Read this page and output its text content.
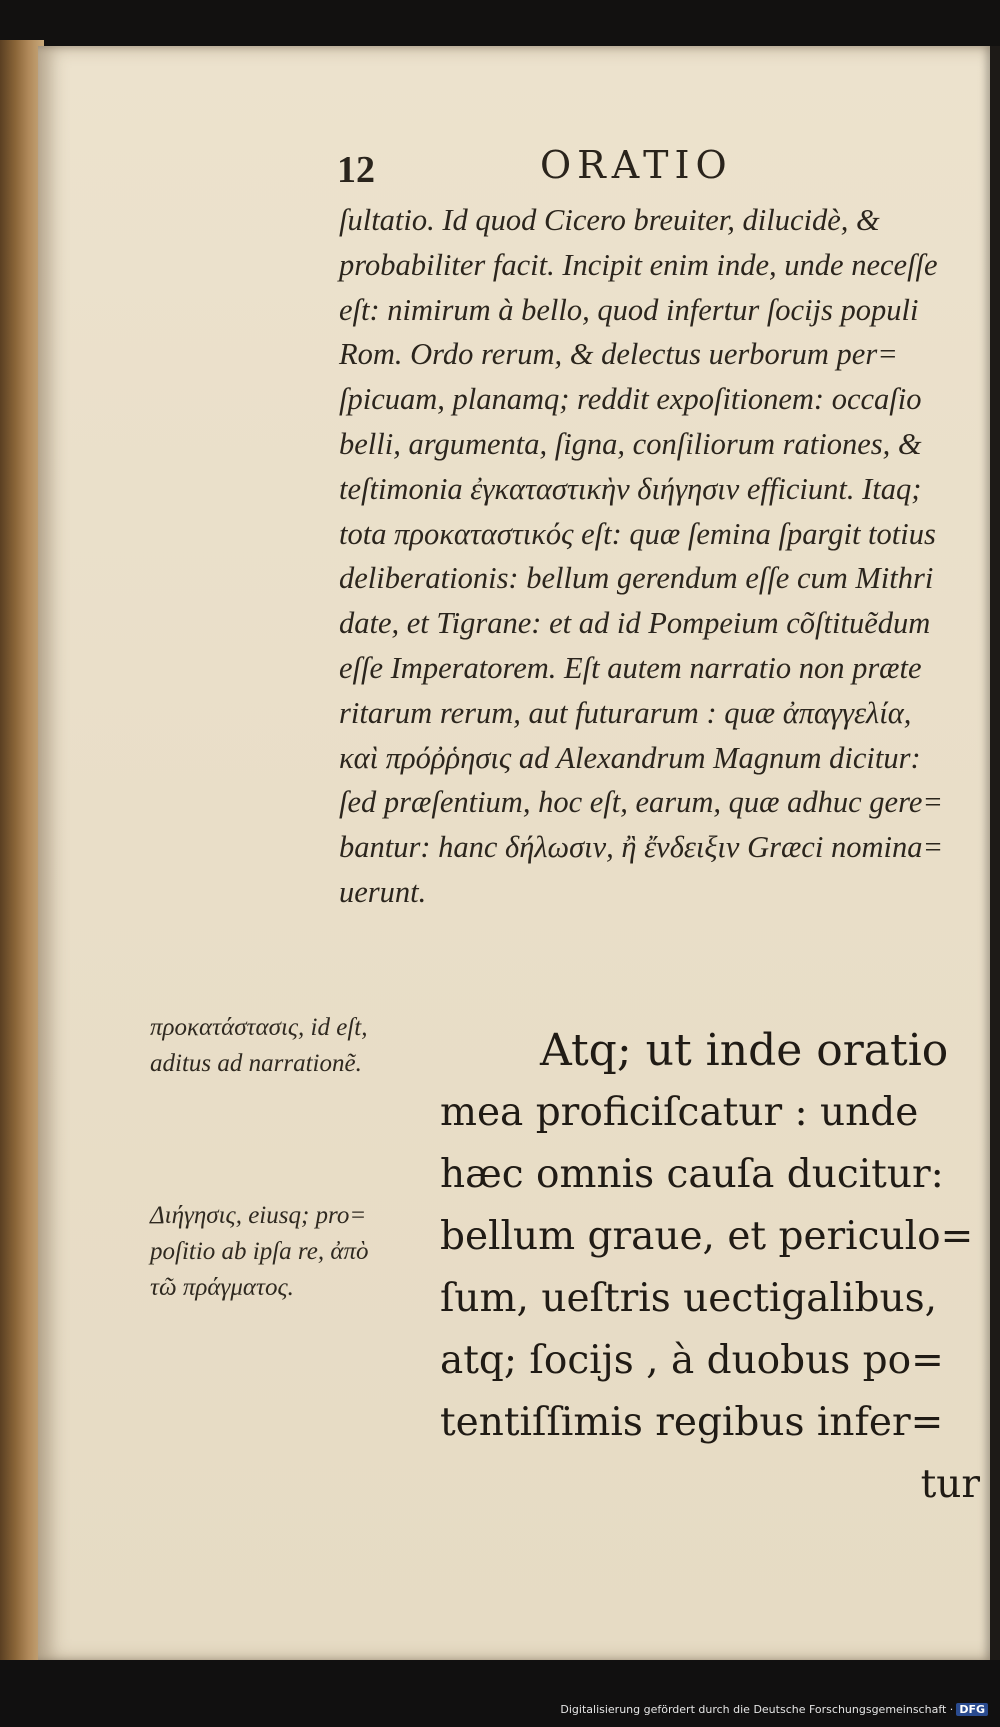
12	ORATIO
ſultatio. Id quod Cicero breuiter, dilucidè, &
probabiliter facit. Incipit enim inde, unde neceſſe
eſt: nimirum à bello, quod infertur ſocijs populi
Rom. Ordo rerum, & delectus uerborum per=
ſpicuam, planamq; reddit expoſitionem: occaſio
belli, argumenta, ſigna, conſiliorum rationes, &
teſtimonia ἐγκαταστικὴν διήγησιν efficiunt. Itaq;
tota προκαταστικός eſt: quæ ſemina ſpargit totius
deliberationis: bellum gerendum eſſe cum Mithri
date, et Tigrane: et ad id Pompeium cõſtituẽdum
eſſe Imperatorem. Eſt autem narratio non præte
ritarum rerum, aut futurarum : quæ ἀπαγγελία,
καὶ πρόῤῥησις ad Alexandrum Magnum dicitur:
ſed præſentium, hoc eſt, earum, quæ adhuc gere=
bantur: hanc δήλωσιν, ἢ ἔνδειξιν Græci nomina=
uerunt.
προκατάστασις, id eſt,
aditus ad narrationẽ.
Διήγησις, eiusq; pro=
poſitio ab ipſa re, ἀπὸ
τῶ πράγματος.
Atq; ut inde oratio
mea proficiſcatur : unde
hæc omnis cauſa ducitur:
bellum graue, et periculo=
ſum, ueſtris uectigalibus,
atq; ſocijs , à duobus po=
tentiſſimis regibus infer=
tur
Digitalisierung gefördert durch die Deutsche Forschungsgemeinschaft · DFG
